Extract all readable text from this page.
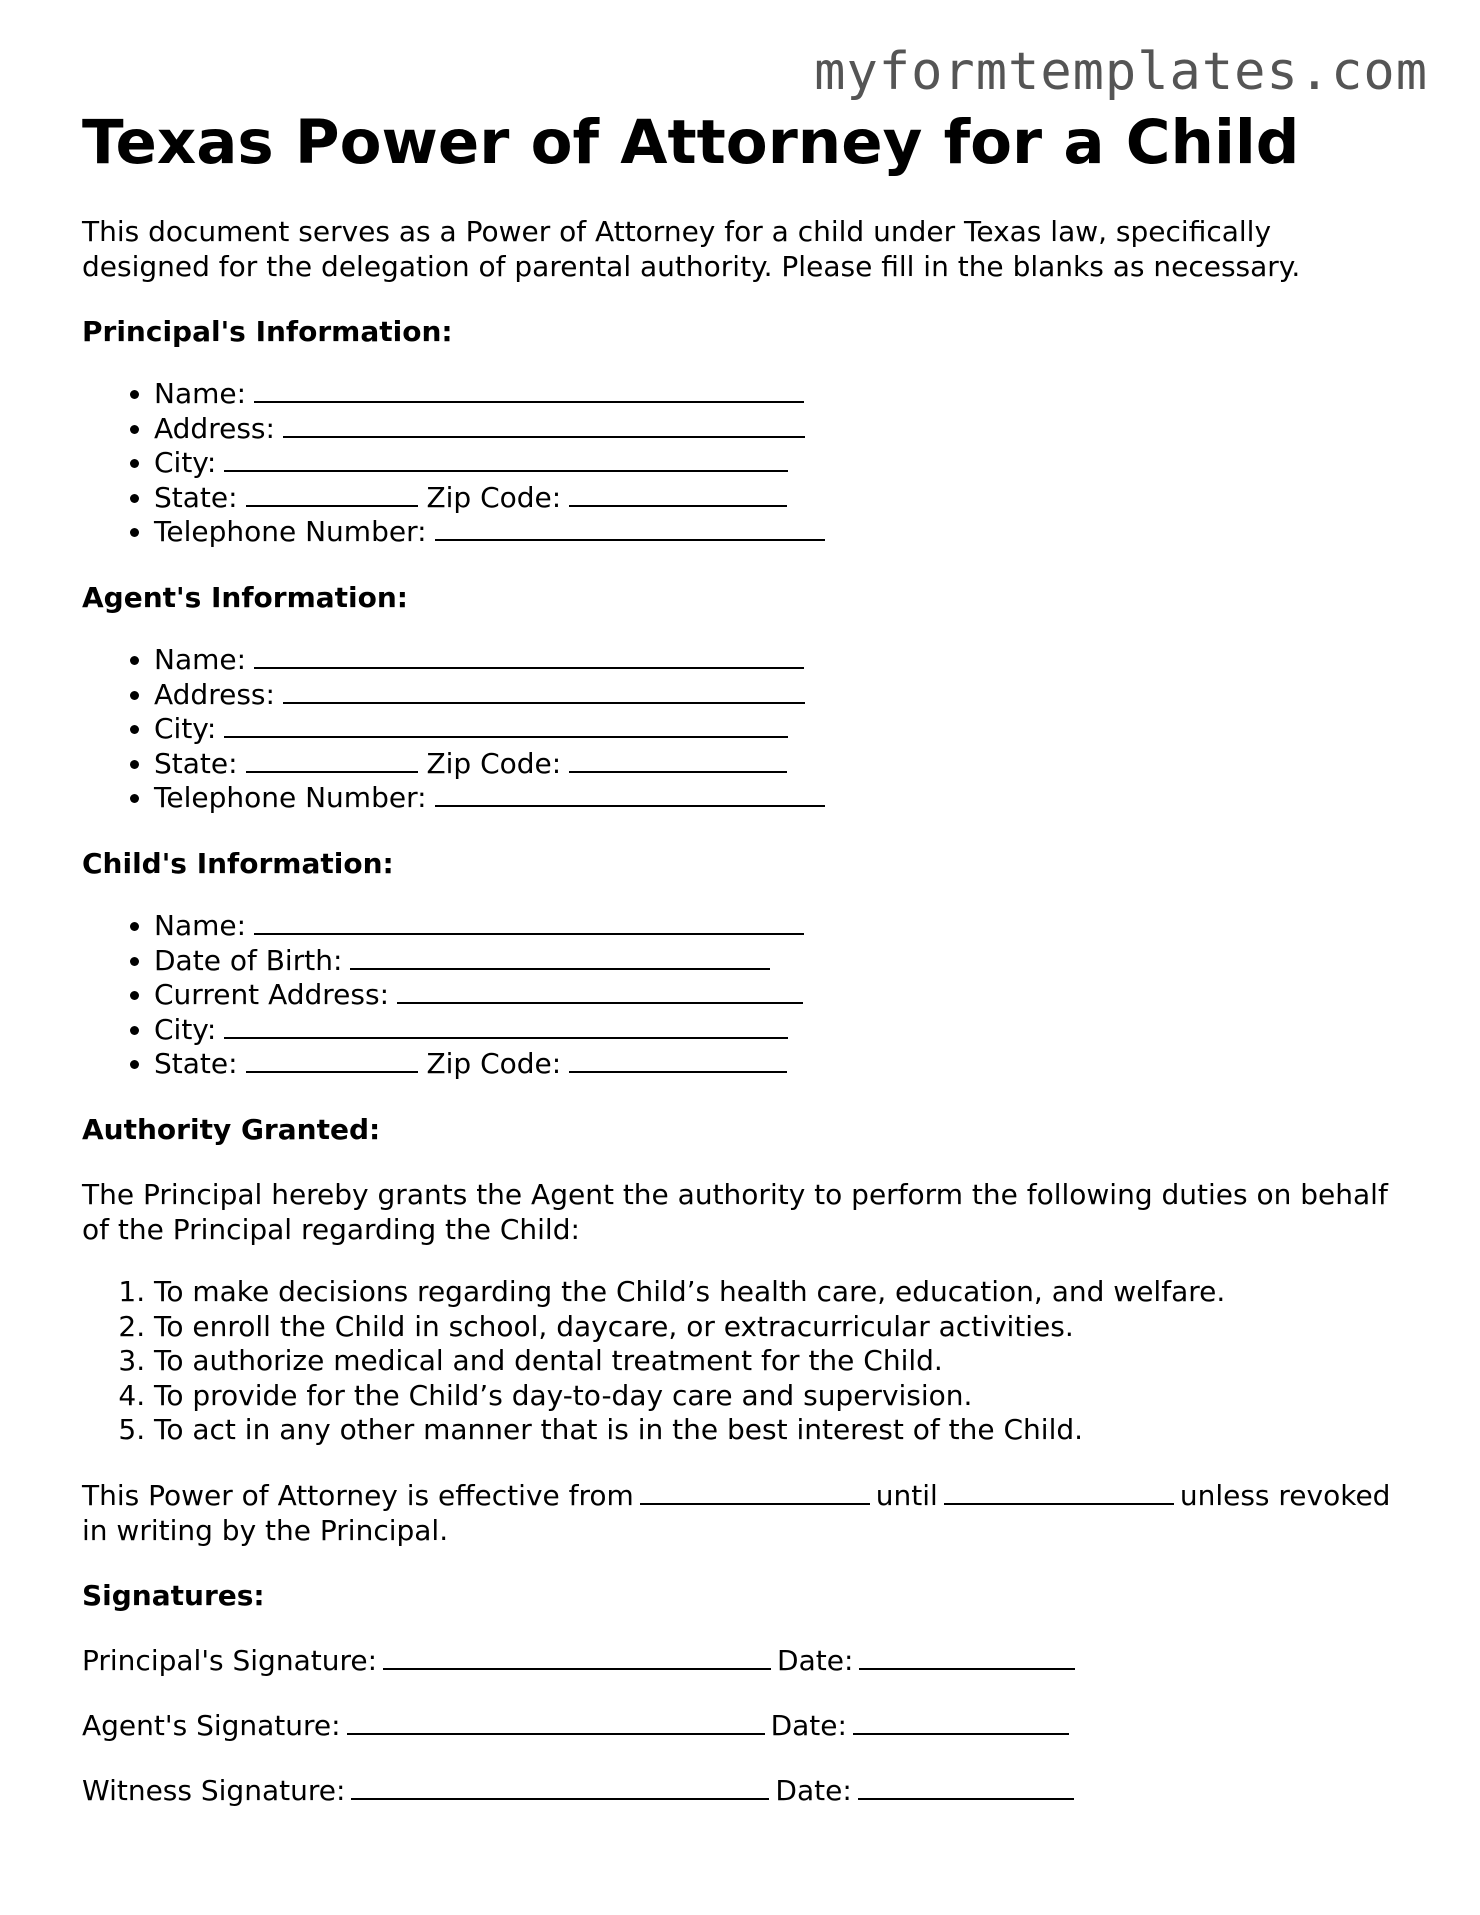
myformtemplates.com
Texas Power of Attorney for a Child

This document serves as a Power of Attorney for a child under Texas law, specifically designed for the delegation of parental authority. Please fill in the blanks as necessary.

Principal's Information:
• Name:
• Address:
• City:
• State:	Zip Code:
• Telephone Number:
Agent's Information:
• Name:
• Address:
• City:
• State:	Zip Code:
• Telephone Number:
Child's Information:
• Name:
• Date of Birth:
• Current Address:
• City:
• State:	Zip Code:
Authority Granted:

The Principal hereby grants the Agent the authority to perform the following duties on behalf of the Principal regarding the Child:

1. To make decisions regarding the Child’s health care, education, and welfare.
2. To enroll the Child in school, daycare, or extracurricular activities.
3. To authorize medical and dental treatment for the Child.
4. To provide for the Child’s day-to-day care and supervision.
5. To act in any other manner that is in the best interest of the Child.

This Power of Attorney is effective from	until	unless revoked in writing by the Principal.

Signatures:

Principal's Signature:	Date:

Agent's Signature:	Date:

Witness Signature:	Date:
